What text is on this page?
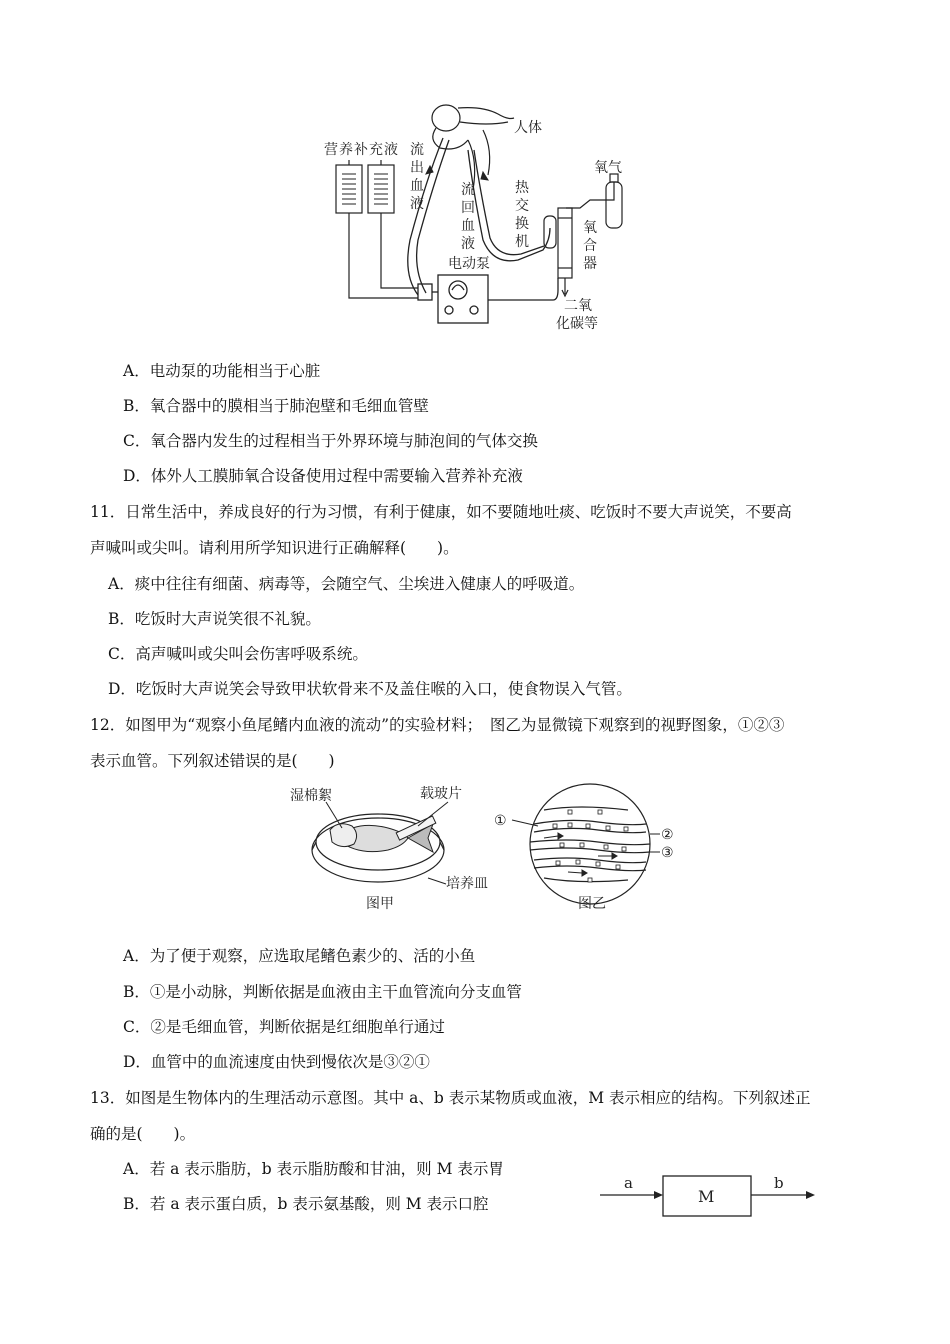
营养补充液 流
出
血
液
流
回
血
液
人体
热
交
换
机
氧气
氧
合
器
电动泵
二氧
化碳等
A．电动泵的功能相当于心脏
B．氧合器中的膜相当于肺泡壁和毛细血管壁
C．氧合器内发生的过程相当于外界环境与肺泡间的气体交换
D．体外人工膜肺氧合设备使用过程中需要输入营养补充液
11．日常生活中，养成良好的行为习惯，有利于健康，如不要随地吐痰、吃饭时不要大声说笑，不要高
声喊叫或尖叫。请利用所学知识进行正确解释(　　)。
A．痰中往往有细菌、病毒等，会随空气、尘埃进入健康人的呼吸道。
B．吃饭时大声说笑很不礼貌。
C．高声喊叫或尖叫会伤害呼吸系统。
D．吃饭时大声说笑会导致甲状软骨来不及盖住喉的入口，使食物误入气管。
12．如图甲为“观察小鱼尾鳍内血液的流动”的实验材料；　图乙为显微镜下观察到的视野图象，①②③
表示血管。下列叙述错误的是(　　)
湿棉絮	载玻片
培养皿
图甲
①
②
③
图乙
A．为了便于观察，应选取尾鳍色素少的、活的小鱼
B．①是小动脉，判断依据是血液由主干血管流向分支血管
C．②是毛细血管，判断依据是红细胞单行通过
D．血管中的血流速度由快到慢依次是③②①
13．如图是生物体内的生理活动示意图。其中 a、b 表示某物质或血液，M 表示相应的结构。下列叙述正
确的是(　　)。
A．若 a 表示脂肪，b 表示脂肪酸和甘油，则 M 表示胃
B．若 a 表示蛋白质，b 表示氨基酸，则 M 表示口腔
a
M
b
